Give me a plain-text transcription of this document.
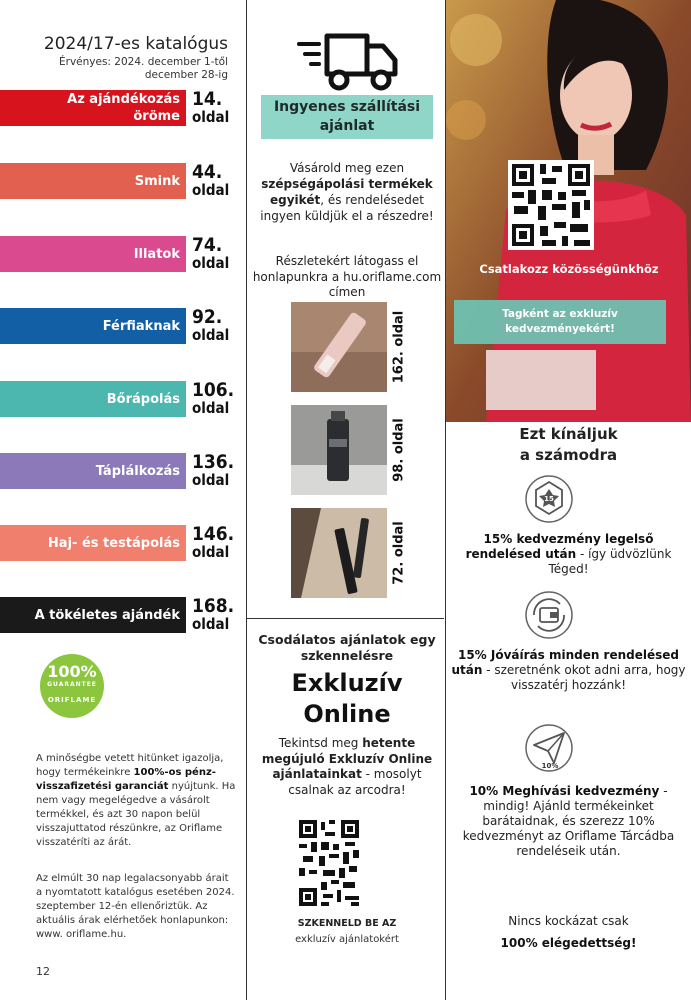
2024/17-es katalógus
Érvényes: 2024. december 1-től
december 28-ig
Az ajándékozás
öröme
14.
oldal
Smink 44.
oldal
Illatok 74.
oldal
Férfiaknak 92.
oldal
Bőrápolás 106.
oldal
Táplálkozás 136.
oldal
Haj- és testápolás 146.
oldal
A tökéletes ajándék 168.
oldal
100%
GUARANTEE
ORIFLAME
A minőségbe vetett hitünket igazolja, hogy termékeinkre 100%-os pénz-visszafizetési garanciát nyújtunk. Ha nem vagy megelégedve a vásárolt termékkel, és azt 30 napon belül visszajuttatod részünkre, az Oriflame visszatéríti az árát.
Az elmúlt 30 nap legalacsonyabb árait a nyomtatott katalógus esetében 2024. szeptember 12-én ellenőriztük. Az aktuális árak elérhetőek honlapunkon: www. oriflame.hu.
12
Ingyenes szállítási ajánlat
Vásárold meg ezen szépségápolási termékek egyikét, és rendelésedet ingyen küldjük el a részedre!
Részletekért látogass el honlapunkra a hu.oriflame.com címen
162. oldal
98. oldal
72. oldal
Csodálatos ajánlatok egy szkennelésre
Exkluzív
Online
Tekintsd meg hetente megújuló Exkluzív Online ajánlatainkat - mosolyt csalnak az arcodra!
SZKENNELD BE AZ
exkluzív ajánlatokért
Csatlakozz közösségünkhöz
Tagként az exkluzív
kedvezményekért!
Ezt kínáljuk
a számodra
15
15% kedvezmény legelső rendelésed után - így üdvözlünk Téged!
15% Jóváírás minden rendelésed után - szeretnénk okot adni arra, hogy visszatérj hozzánk!
10%
10% Meghívási kedvezmény - mindig! Ajánld termékeinket barátaidnak, és szerezz 10% kedvezményt az Oriflame Tárcádba rendeléseik után.
Nincs kockázat csak
100% elégedettség!
